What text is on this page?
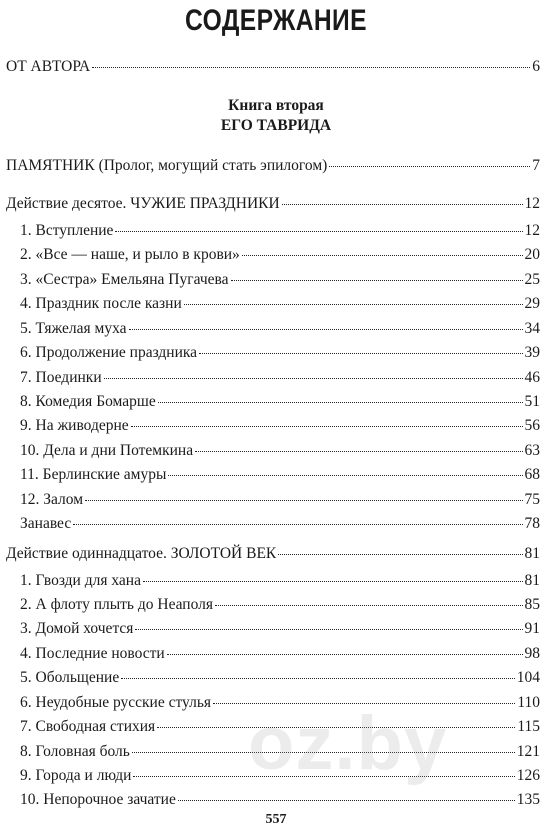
СОДЕРЖАНИЕ
ОТ АВТОРА	6
Книга вторая
ЕГО ТАВРИДА
ПАМЯТНИК (Пролог, могущий стать эпилогом)	7
Действие десятое. ЧУЖИЕ ПРАЗДНИКИ	12
1. Вступление	12
2. «Все — наше, и рыло в крови»	20
3. «Сестра» Емельяна Пугачева	25
4. Праздник после казни	29
5. Тяжелая муха	34
6. Продолжение праздника	39
7. Поединки	46
8. Комедия Бомарше	51
9. На живодерне	56
10. Дела и дни Потемкина	63
11. Берлинские амуры	68
12. Залом	75
Занавес	78
Действие одиннадцатое. ЗОЛОТОЙ ВЕК	81
1. Гвозди для хана	81
2. А флоту плыть до Неаполя	85
3. Домой хочется	91
4. Последние новости	98
5. Обольщение	104
6. Неудобные русские стулья	110
7. Свободная стихия	115
8. Головная боль	121
9. Города и люди	126
10. Непорочное зачатие	135
oz.by
557
